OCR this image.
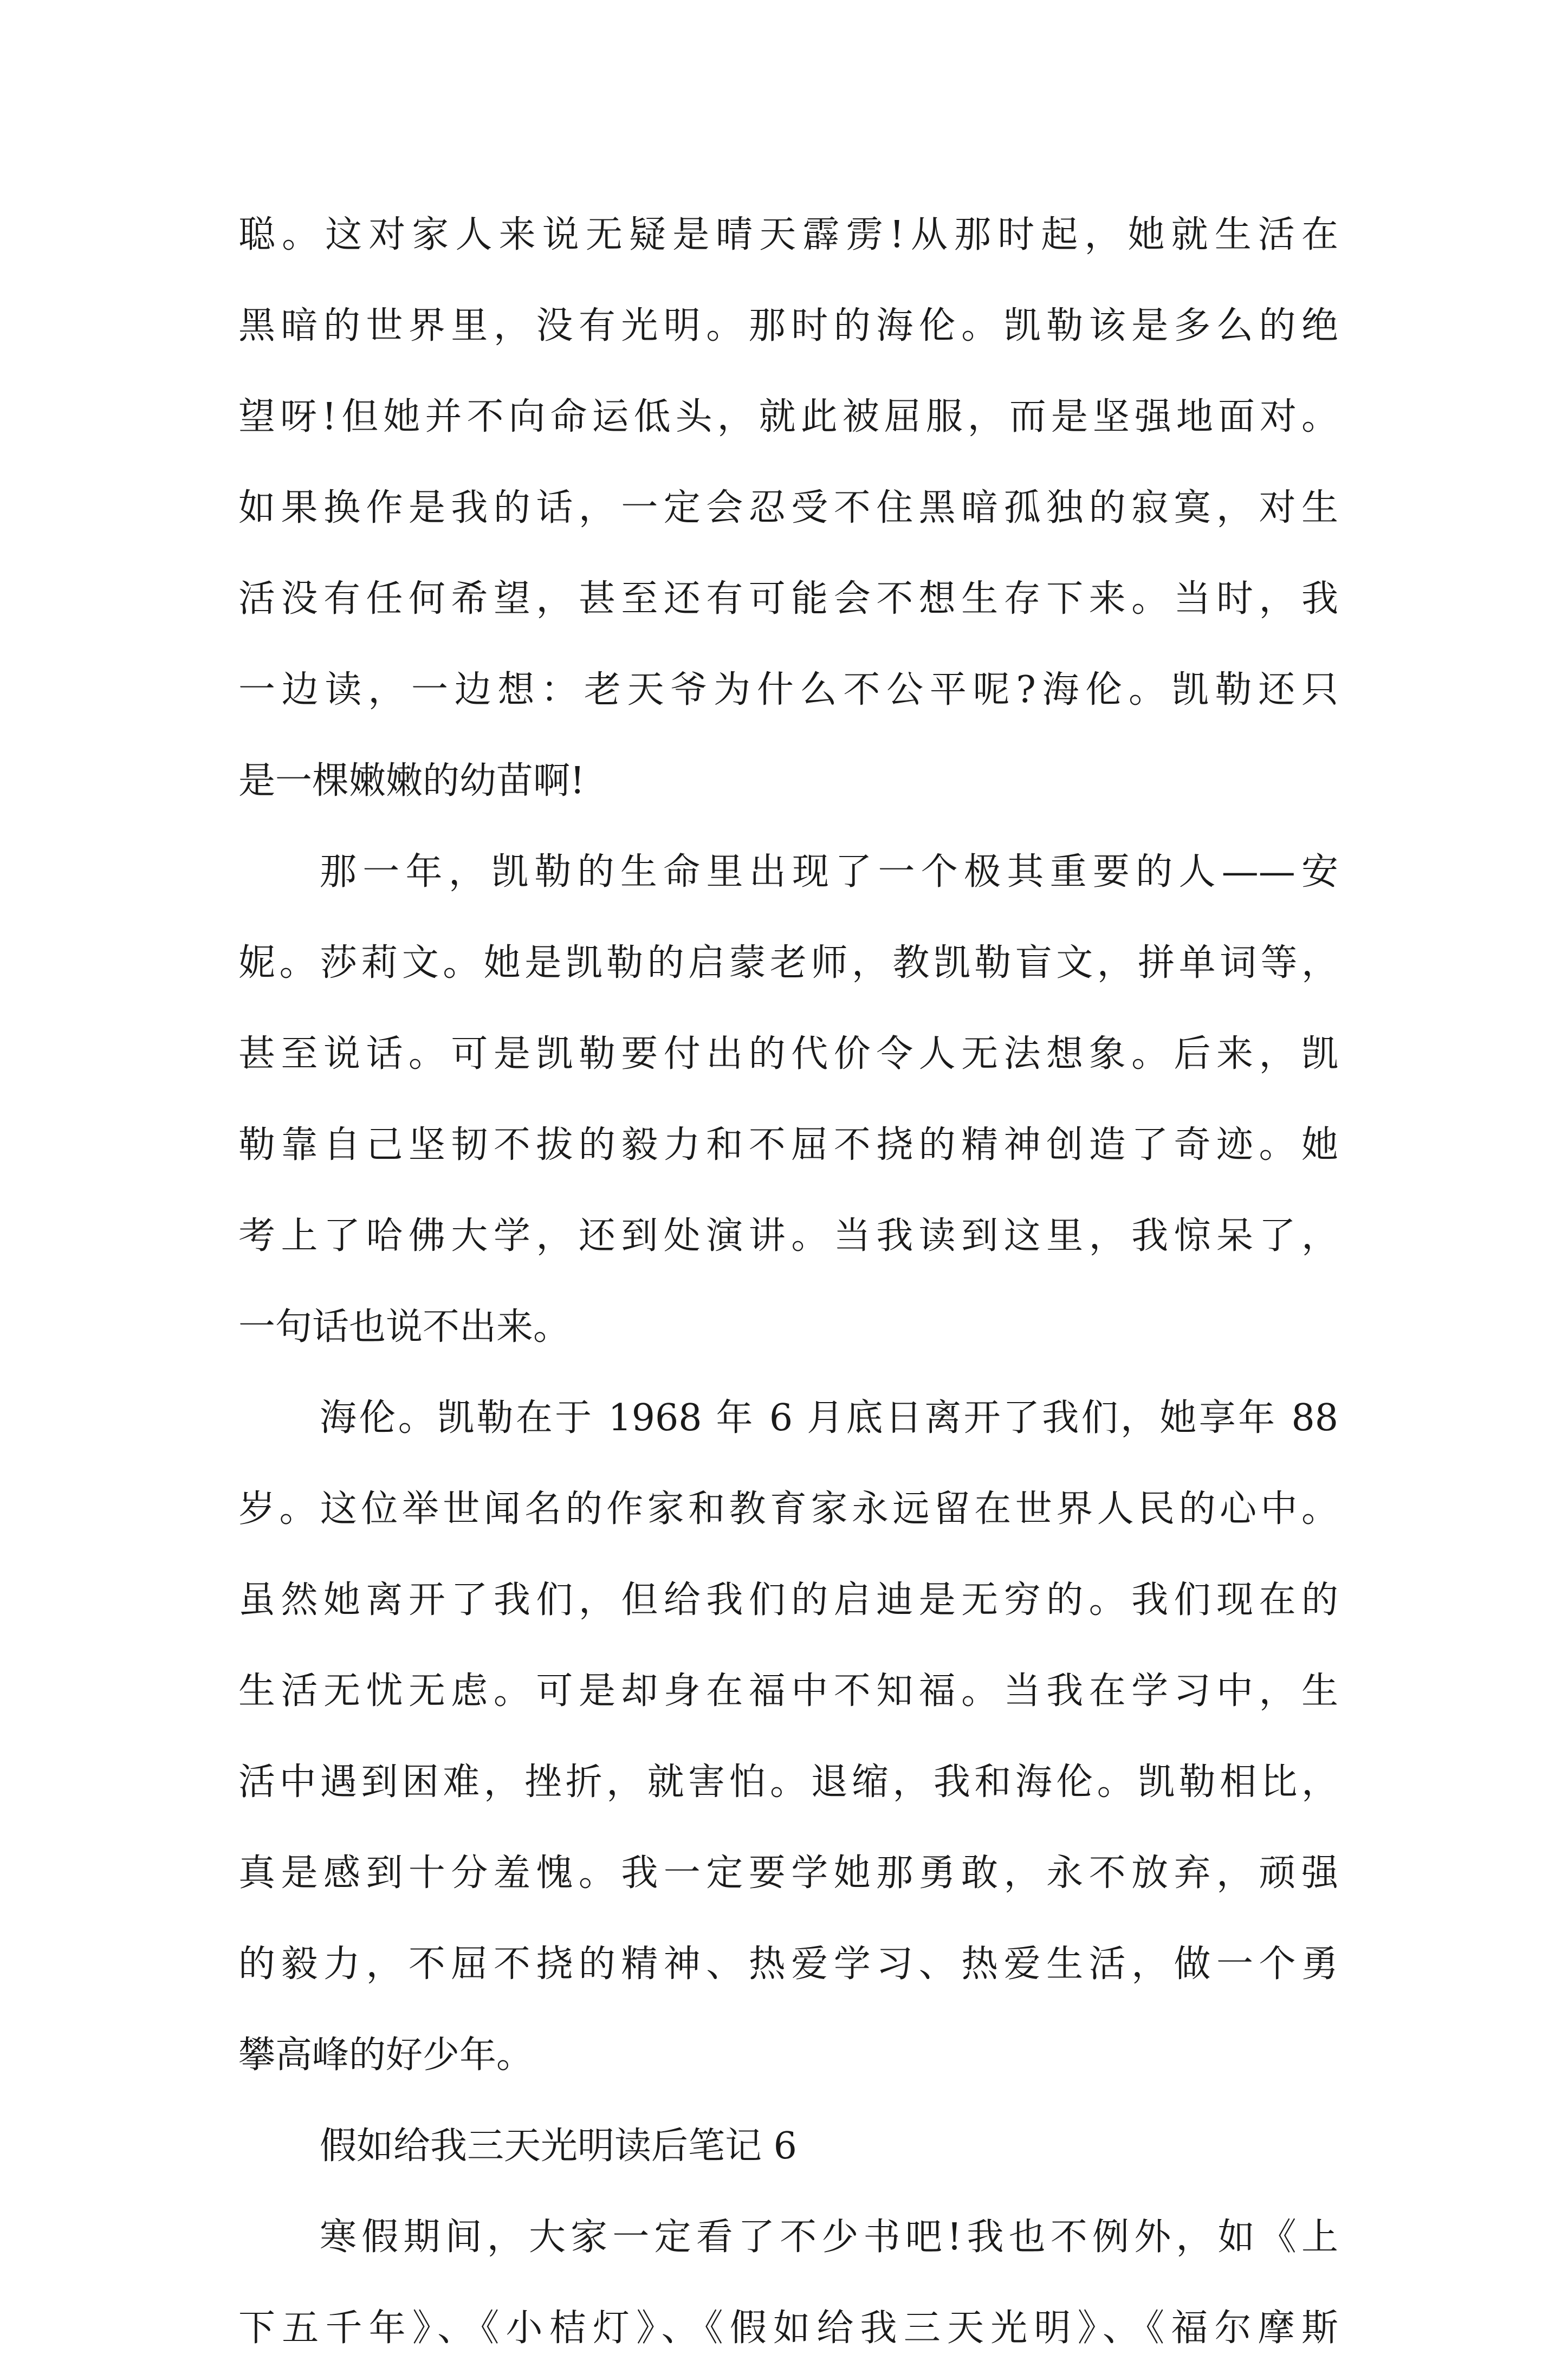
聪。这对家人来说无疑是晴天霹雳!从那时起，她就生活在
黑暗的世界里，没有光明。那时的海伦。凯勒该是多么的绝
望呀!但她并不向命运低头，就此被屈服，而是坚强地面对。
如果换作是我的话，一定会忍受不住黑暗孤独的寂寞，对生
活没有任何希望，甚至还有可能会不想生存下来。当时，我
一边读，一边想：老天爷为什么不公平呢?海伦。凯勒还只
是一棵嫩嫩的幼苗啊!
那一年，凯勒的生命里出现了一个极其重要的人——安
妮。莎莉文。她是凯勒的启蒙老师，教凯勒盲文，拼单词等，
甚至说话。可是凯勒要付出的代价令人无法想象。后来，凯
勒靠自己坚韧不拔的毅力和不屈不挠的精神创造了奇迹。她
考上了哈佛大学，还到处演讲。当我读到这里，我惊呆了，
一句话也说不出来。
海伦。凯勒在于 1968 年 6 月底日离开了我们，她享年 88
岁。这位举世闻名的作家和教育家永远留在世界人民的心中。
虽然她离开了我们，但给我们的启迪是无穷的。我们现在的
生活无忧无虑。可是却身在福中不知福。当我在学习中，生
活中遇到困难，挫折，就害怕。退缩，我和海伦。凯勒相比，
真是感到十分羞愧。我一定要学她那勇敢，永不放弃，顽强
的毅力，不屈不挠的精神、热爱学习、热爱生活，做一个勇
攀高峰的好少年。
假如给我三天光明读后笔记 6
寒假期间，大家一定看了不少书吧!我也不例外，如《上
下五千年》、《小桔灯》、《假如给我三天光明》、《福尔摩斯
